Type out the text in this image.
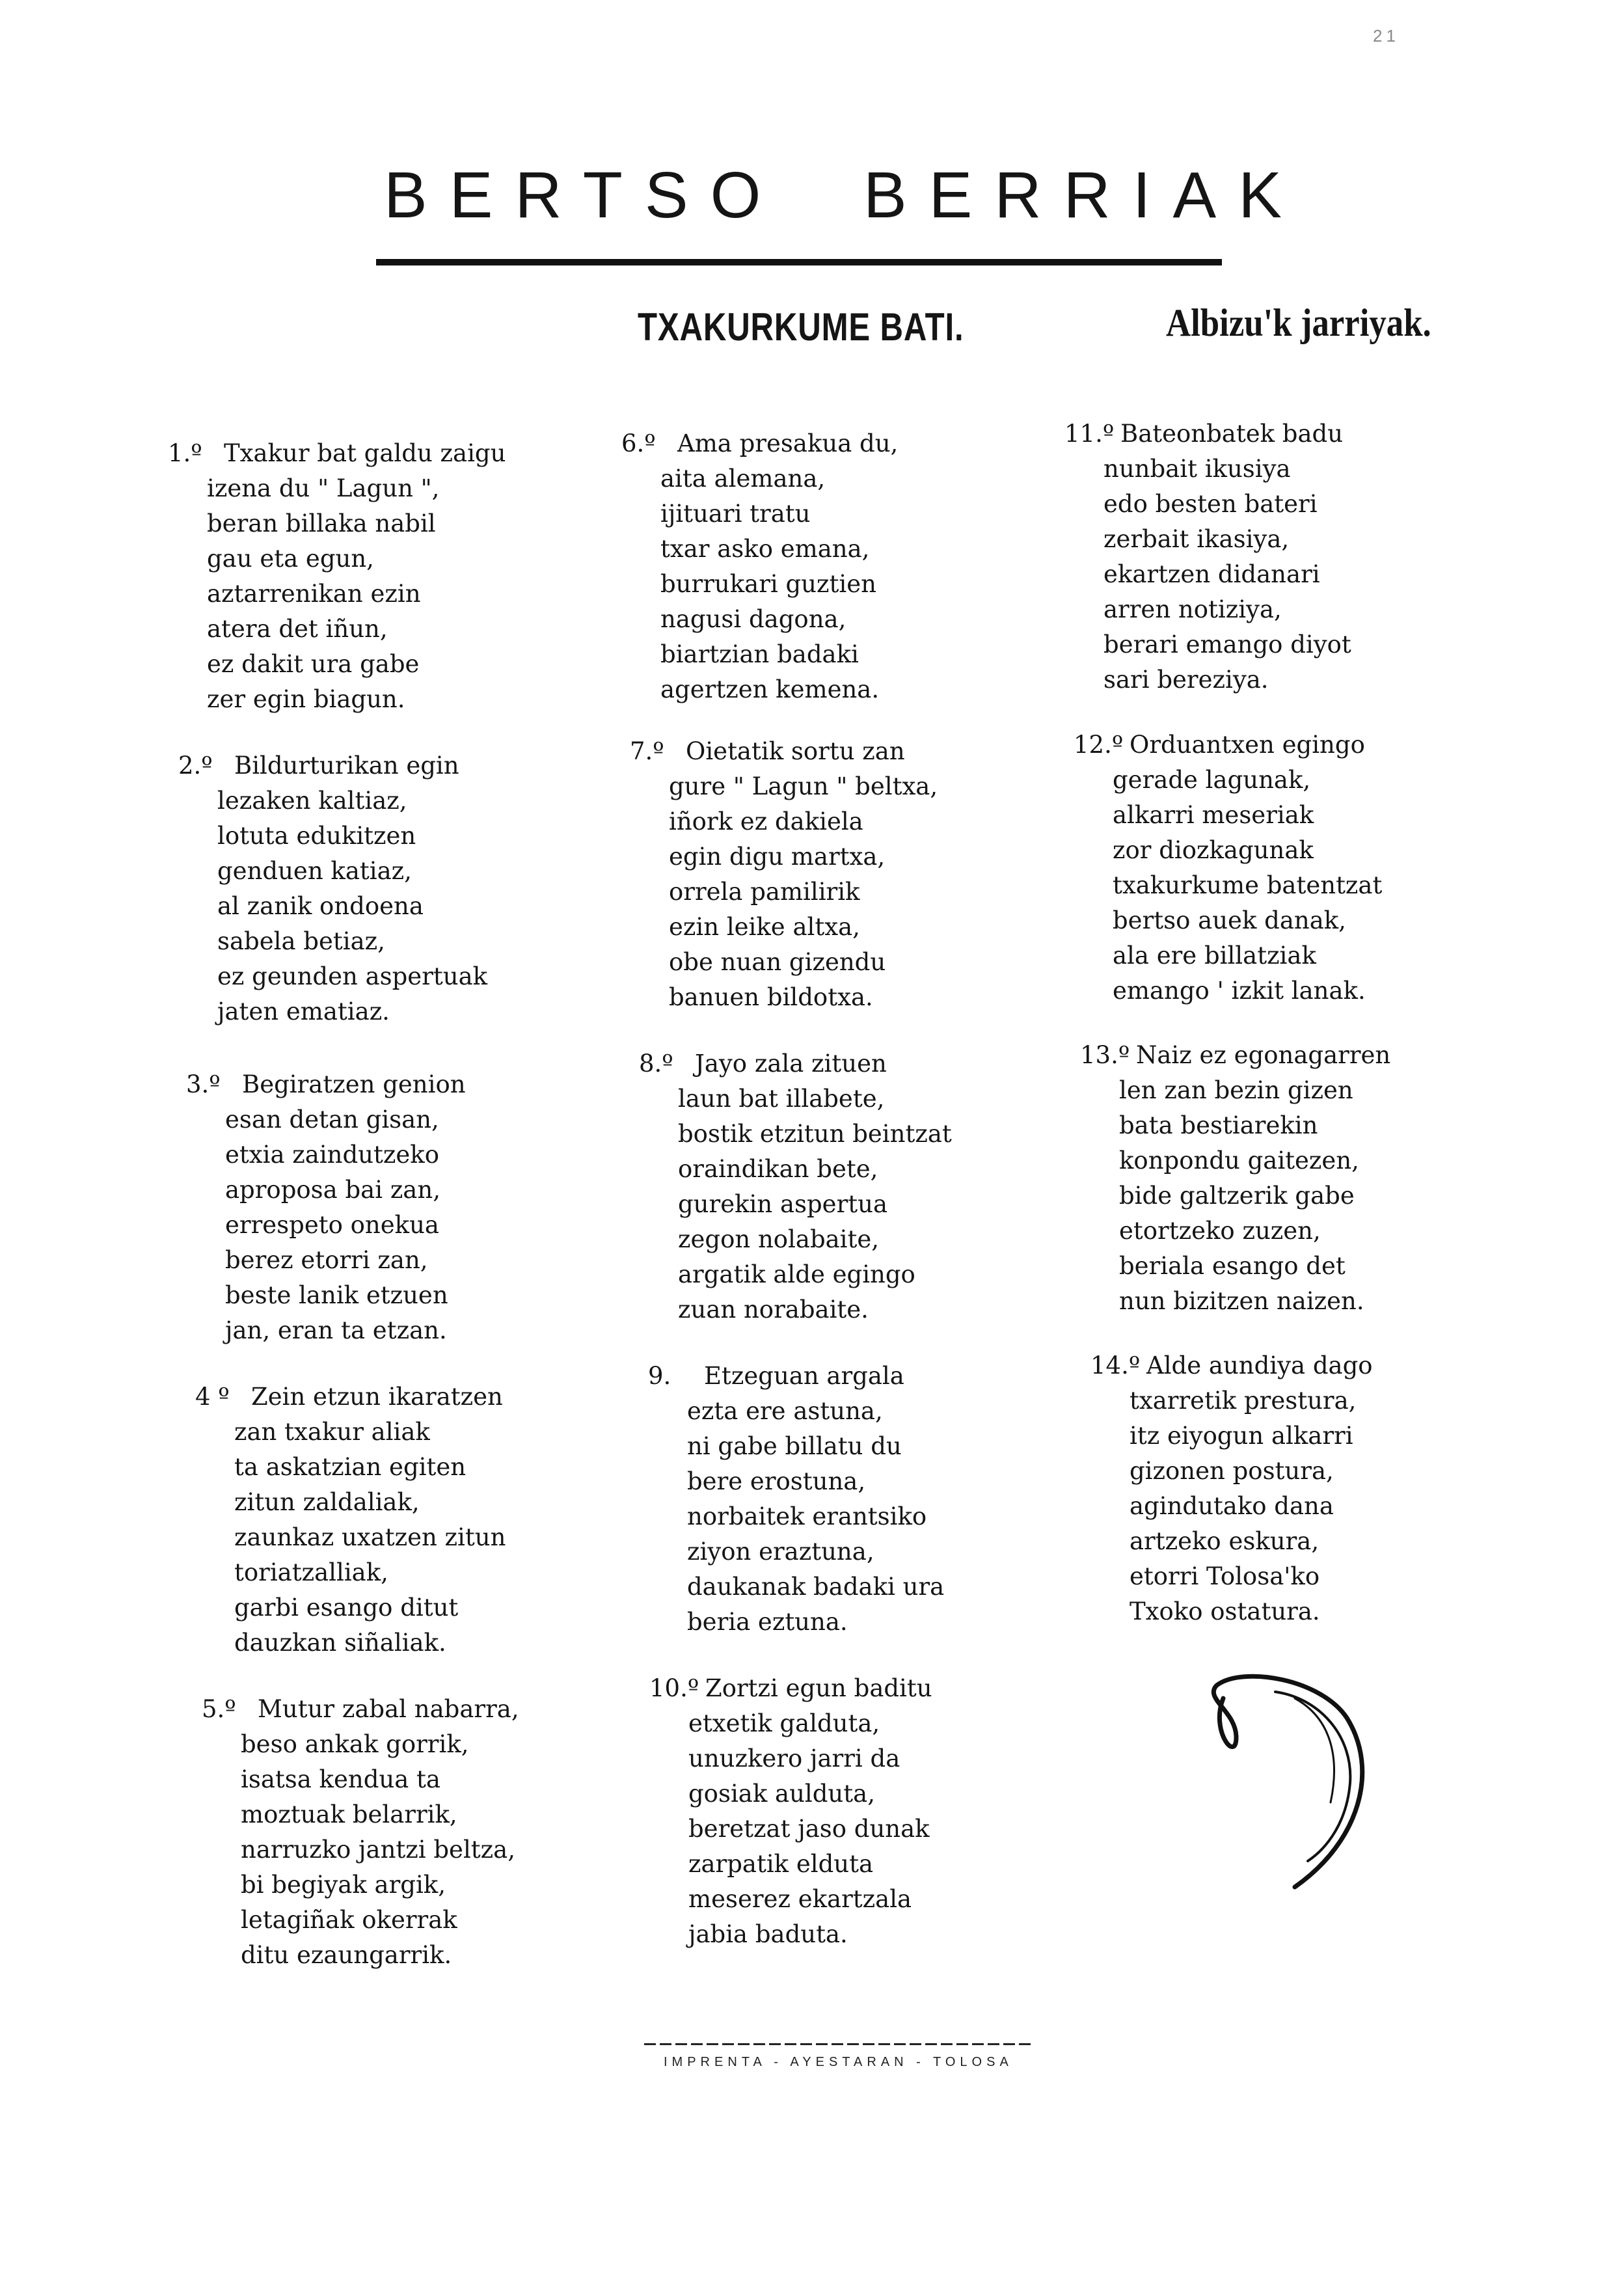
21
BERTSO  BERRIAK
TXAKURKUME BATI.	Albizu'k jarriyak.
1.º Txakur bat galdu zaigu
izena du " Lagun ",
beran billaka nabil
gau eta egun,
aztarrenikan ezin
atera det iñun,
ez dakit ura gabe
zer egin biagun.
2.º Bildurturikan egin
lezaken kaltiaz,
lotuta edukitzen
genduen katiaz,
al zanik ondoena
sabela betiaz,
ez geunden aspertuak
jaten ematiaz.
3.º Begiratzen genion
esan detan gisan,
etxia zaindutzeko
aproposa bai zan,
errespeto onekua
berez etorri zan,
beste lanik etzuen
jan, eran ta etzan.
4 º Zein etzun ikaratzen
zan txakur aliak
ta askatzian egiten
zitun zaldaliak,
zaunkaz uxatzen zitun
toriatzalliak,
garbi esango ditut
dauzkan siñaliak.
5.º Mutur zabal nabarra,
beso ankak gorrik,
isatsa kendua ta
moztuak belarrik,
narruzko jantzi beltza,
bi begiyak argik,
letagiñak okerrak
ditu ezaungarrik.
6.º Ama presakua du,
aita alemana,
ijituari tratu
txar asko emana,
burrukari guztien
nagusi dagona,
biartzian badaki
agertzen kemena.
7.º Oietatik sortu zan
gure " Lagun " beltxa,
iñork ez dakiela
egin digu martxa,
orrela pamilirik
ezin leike altxa,
obe nuan gizendu
banuen bildotxa.
8.º Jayo zala zituen
laun bat illabete,
bostik etzitun beintzat
oraindikan bete,
gurekin aspertua
zegon nolabaite,
argatik alde egingo
zuan norabaite.
9. Etzeguan argala
ezta ere astuna,
ni gabe billatu du
bere erostuna,
norbaitek erantsiko
ziyon eraztuna,
daukanak badaki ura
beria eztuna.
10.º Zortzi egun baditu
etxetik galduta,
unuzkero jarri da
gosiak aulduta,
beretzat jaso dunak
zarpatik elduta
meserez ekartzala
jabia baduta.
11.º Bateonbatek badu
nunbait ikusiya
edo besten bateri
zerbait ikasiya,
ekartzen didanari
arren notiziya,
berari emango diyot
sari bereziya.
12.º Orduantxen egingo
gerade lagunak,
alkarri meseriak
zor diozkagunak
txakurkume batentzat
bertso auek danak,
ala ere billatziak
emango ' izkit lanak.
13.º Naiz ez egonagarren
len zan bezin gizen
bata bestiarekin
konpondu gaitezen,
bide galtzerik gabe
etortzeko zuzen,
beriala esango det
nun bizitzen naizen.
14.º Alde aundiya dago
txarretik prestura,
itz eiyogun alkarri
gizonen postura,
agindutako dana
artzeko eskura,
etorri Tolosa'ko
Txoko ostatura.
IMPRENTA - AYESTARAN - TOLOSA
